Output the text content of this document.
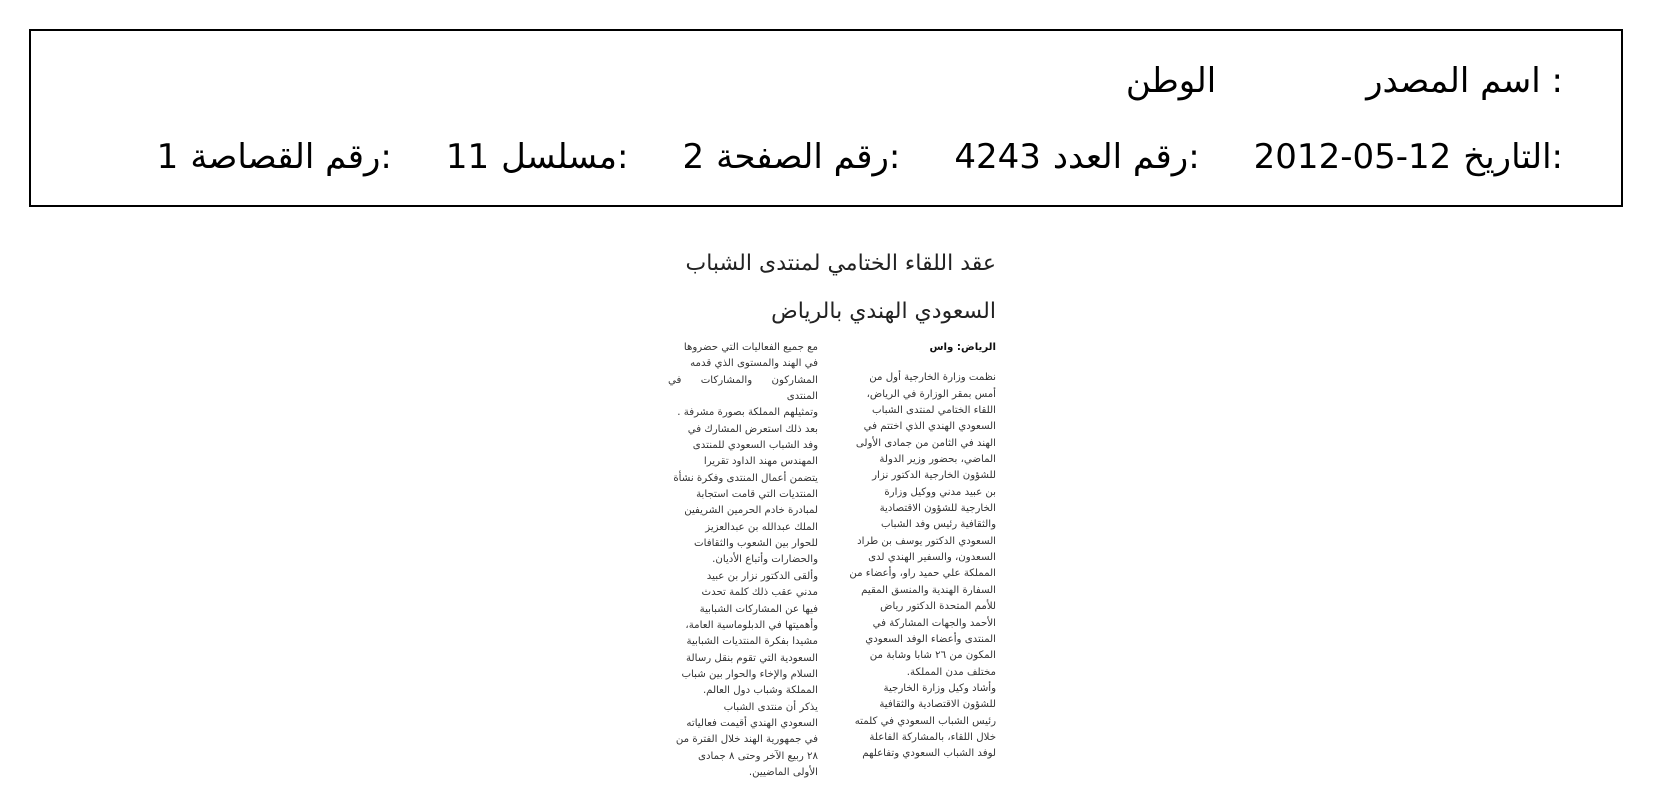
اسم المصدر :
الوطن
التاريخ:
2012-05-12
رقم العدد:
4243
رقم الصفحة:
2
مسلسل:
11
رقم القصاصة:
1
عقد اللقاء الختامي لمنتدى الشباب
السعودي الهندي بالرياض
الرياض: واس
نظمت وزارة الخارجية أول من
أمس بمقر الوزارة في الرياض،
اللقاء الختامي لمنتدى الشباب
السعودي الهندي الذي اختتم في
الهند في الثامن من جمادى الأولى
الماضي، بحضور وزير الدولة
للشؤون الخارجية الدكتور نزار
بن عبيد مدني ووكيل وزارة
الخارجية للشؤون الاقتصادية
والثقافية رئيس وفد الشباب
السعودي الدكتور يوسف بن طراد
السعدون، والسفير الهندي لدى
المملكة علي حميد راو، وأعضاء من
السفارة الهندية والمنسق المقيم
للأمم المتحدة الدكتور رياض
الأحمد والجهات المشاركة في
المنتدى وأعضاء الوفد السعودي
المكون من ٢٦ شابا وشابة من
مختلف مدن المملكة.
وأشاد وكيل وزارة الخارجية
للشؤون الاقتصادية والثقافية
رئيس الشباب السعودي في كلمته
خلال اللقاء، بالمشاركة الفاعلة
لوفد الشباب السعودي وتفاعلهم
مع جميع الفعاليات التي حضروها
في الهند والمستوى الذي قدمه
المشاركون والمشاركات في المنتدى
وتمثيلهم المملكة بصورة مشرفة .
بعد ذلك استعرض المشارك في
وفد الشباب السعودي للمنتدى
المهندس مهند الداود تقريرا
يتضمن أعمال المنتدى وفكرة نشأة
المنتديات التي قامت استجابة
لمبادرة خادم الحرمين الشريفين
الملك عبدالله بن عبدالعزيز
للحوار بين الشعوب والثقافات
والحضارات وأتباع الأديان.
وألقى الدكتور نزار بن عبيد
مدني عقب ذلك كلمة تحدث
فيها عن المشاركات الشبابية
وأهميتها في الدبلوماسية العامة،
مشيدا بفكرة المنتديات الشبابية
السعودية التي تقوم بنقل رسالة
السلام والإخاء والحوار بين شباب
المملكة وشباب دول العالم.
يذكر أن منتدى الشباب
السعودي الهندي أقيمت فعالياته
في جمهورية الهند خلال الفترة من
٢٨ ربيع الآخر وحتى ٨ جمادى
الأولى الماضيين.
